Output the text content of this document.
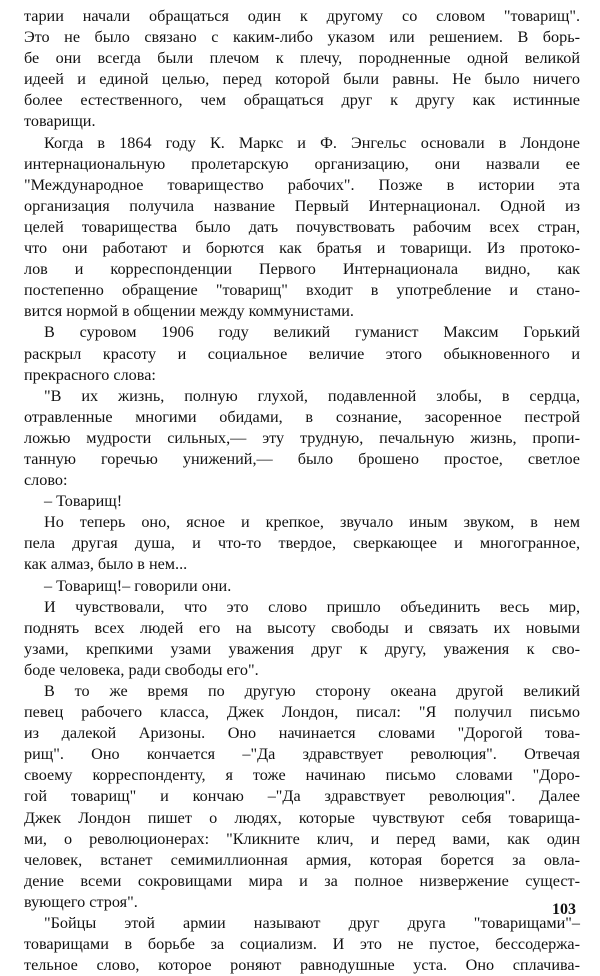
тарии начали обращаться один к другому со словом "товарищ".
Это не было связано с каким-либо указом или решением. В борь-
бе они всегда были плечом к плечу, породненные одной великой
идеей и единой целью, перед которой были равны. Не было ничего
более естественного, чем обращаться друг к другу как истинные
товарищи.
Когда в 1864 году К. Маркс и Ф. Энгельс основали в Лондоне
интернациональную пролетарскую организацию, они назвали ее
"Международное товарищество рабочих". Позже в истории эта
организация получила название Первый Интернационал. Одной из
целей товарищества было дать почувствовать рабочим всех стран,
что они работают и борются как братья и товарищи. Из протоко-
лов и корреспонденции Первого Интернационала видно, как
постепенно обращение "товарищ" входит в употребление и стано-
вится нормой в общении между коммунистами.
В суровом 1906 году великий гуманист Максим Горький
раскрыл красоту и социальное величие этого обыкновенного и
прекрасного слова:
"В их жизнь, полную глухой, подавленной злобы, в сердца,
отравленные многими обидами, в сознание, засоренное пестрой
ложью мудрости сильных,— эту трудную, печальную жизнь, пропи-
танную горечью унижений,— было брошено простое, светлое
слово:
– Товарищ!
Но теперь оно, ясное и крепкое, звучало иным звуком, в нем
пела другая душа, и что-то твердое, сверкающее и многогранное,
как алмаз, было в нем...
– Товарищ!– говорили они.
И чувствовали, что это слово пришло объединить весь мир,
поднять всех людей его на высоту свободы и связать их новыми
узами, крепкими узами уважения друг к другу, уважения к сво-
боде человека, ради свободы его".
В то же время по другую сторону океана другой великий
певец рабочего класса, Джек Лондон, писал: "Я получил письмо
из далекой Аризоны. Оно начинается словами "Дорогой това-
рищ". Оно кончается –"Да здравствует революция". Отвечая
своему корреспонденту, я тоже начинаю письмо словами "Доро-
гой товарищ" и кончаю –"Да здравствует революция". Далее
Джек Лондон пишет о людях, которые чувствуют себя товарища-
ми, о революционерах: "Кликните клич, и перед вами, как один
человек, встанет семимиллионная армия, которая борется за овла-
дение всеми сокровищами мира и за полное низвержение сущест-
вующего строя".
"Бойцы этой армии называют друг друга "товарищами"–
товарищами в борьбе за социализм. И это не пустое, бессодержа-
тельное слово, которое роняют равнодушные уста. Оно сплачива-
103
